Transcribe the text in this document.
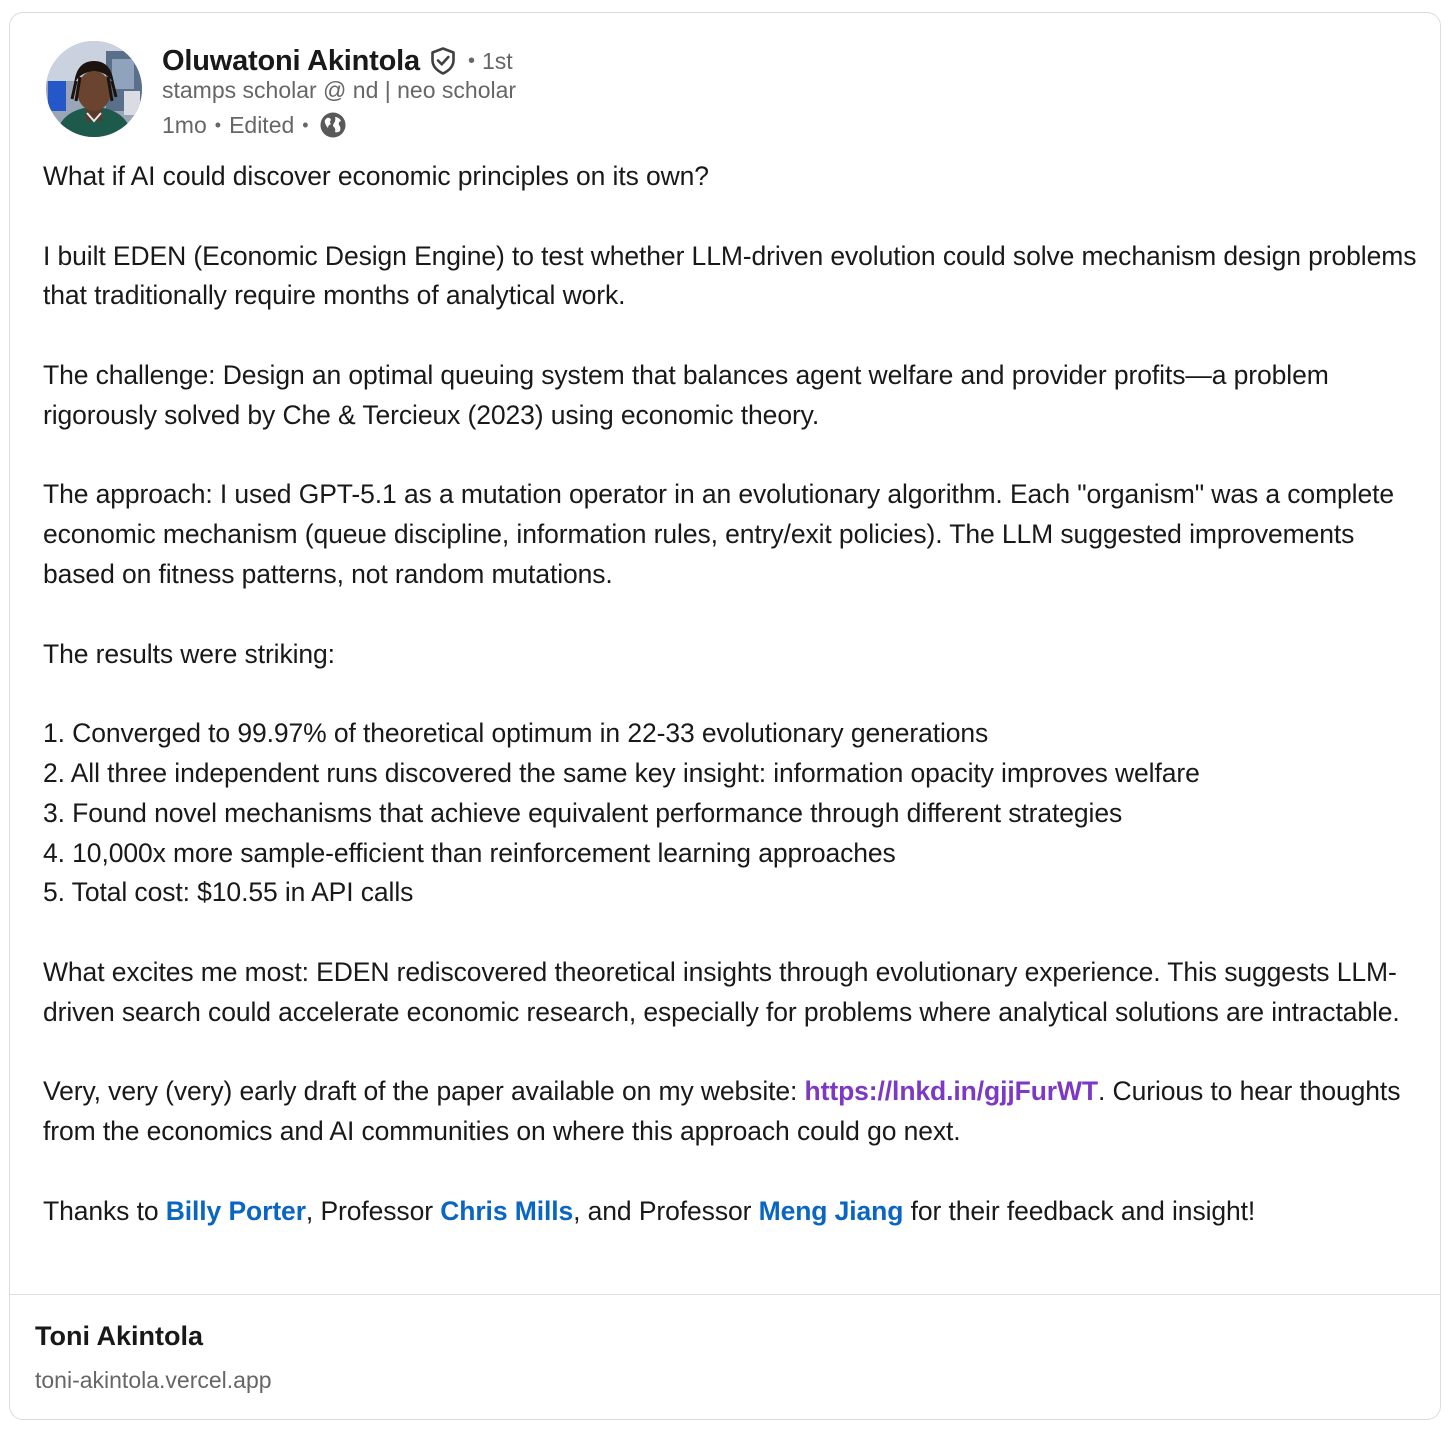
Oluwatoni Akintola • 1st
stamps scholar @ nd | neo scholar
1mo • Edited •

What if AI could discover economic principles on its own?

I built EDEN (Economic Design Engine) to test whether LLM-driven evolution could solve mechanism design problems that traditionally require months of analytical work.

The challenge: Design an optimal queuing system that balances agent welfare and provider profits—a problem rigorously solved by Che & Tercieux (2023) using economic theory.

The approach: I used GPT-5.1 as a mutation operator in an evolutionary algorithm. Each "organism" was a complete economic mechanism (queue discipline, information rules, entry/exit policies). The LLM suggested improvements based on fitness patterns, not random mutations.

The results were striking:

1. Converged to 99.97% of theoretical optimum in 22-33 evolutionary generations
2. All three independent runs discovered the same key insight: information opacity improves welfare
3. Found novel mechanisms that achieve equivalent performance through different strategies
4. 10,000x more sample-efficient than reinforcement learning approaches
5. Total cost: $10.55 in API calls

What excites me most: EDEN rediscovered theoretical insights through evolutionary experience. This suggests LLM-driven search could accelerate economic research, especially for problems where analytical solutions are intractable.

Very, very (very) early draft of the paper available on my website: https://lnkd.in/gjjFurWT. Curious to hear thoughts from the economics and AI communities on where this approach could go next.

Thanks to Billy Porter, Professor Chris Mills, and Professor Meng Jiang for their feedback and insight!

Toni Akintola
toni-akintola.vercel.app
